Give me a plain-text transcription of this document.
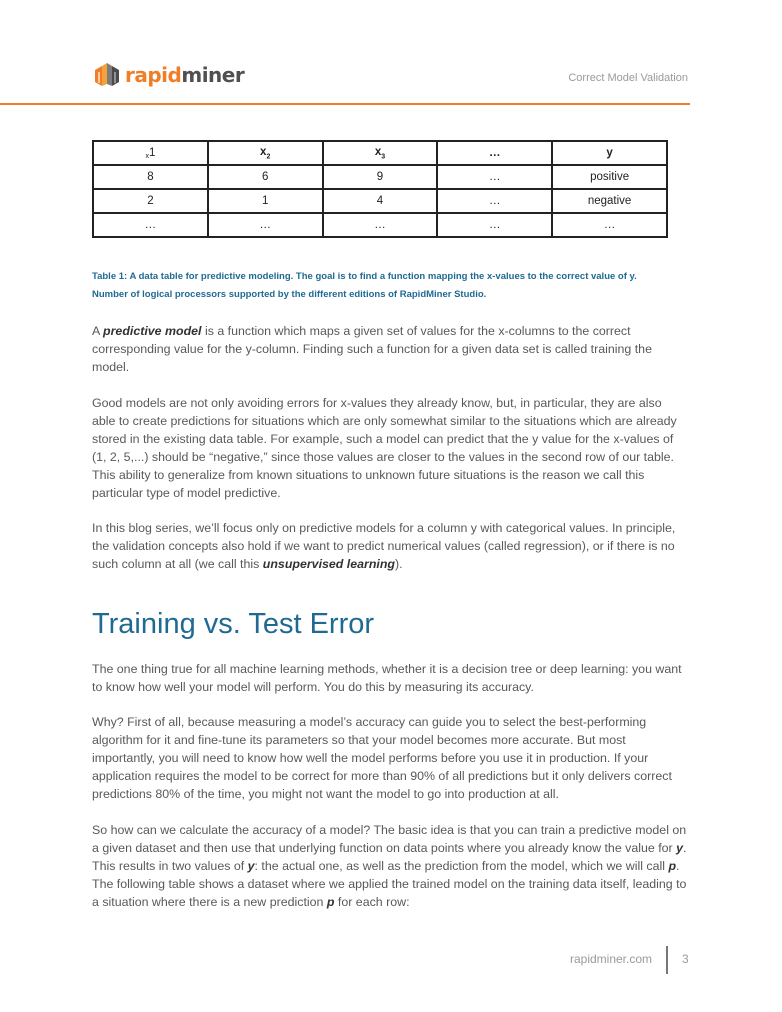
rapidminer	Correct Model Validation
x1	$x_2$	$x_3$	…	y
8	6	9	…	positive
2	1	4	…	negative
…	…	…	…	…
Table 1: A data table for predictive modeling. The goal is to find a function mapping the x-values to the correct value of y.
Number of logical processors supported by the different editions of RapidMiner Studio.

A predictive model is a function which maps a given set of values for the x-columns to the correct corresponding value for the y-column. Finding such a function for a given data set is called training the model.

Good models are not only avoiding errors for x-values they already know, but, in particular, they are also able to create predictions for situations which are only somewhat similar to the situations which are already stored in the existing data table. For example, such a model can predict that the y value for the x-values of (1, 2, 5,...) should be “negative,” since those values are closer to the values in the second row of our table. This ability to generalize from known situations to unknown future situations is the reason we call this particular type of model predictive.

In this blog series, we’ll focus only on predictive models for a column y with categorical values. In principle, the validation concepts also hold if we want to predict numerical values (called regression), or if there is no such column at all (we call this unsupervised learning).

Training vs. Test Error

The one thing true for all machine learning methods, whether it is a decision tree or deep learning: you want to know how well your model will perform. You do this by measuring its accuracy.

Why? First of all, because measuring a model’s accuracy can guide you to select the best-performing algorithm for it and fine-tune its parameters so that your model becomes more accurate. But most importantly, you will need to know how well the model performs before you use it in production. If your application requires the model to be correct for more than 90% of all predictions but it only delivers correct predictions 80% of the time, you might not want the model to go into production at all.

So how can we calculate the accuracy of a model? The basic idea is that you can train a predictive model on a given dataset and then use that underlying function on data points where you already know the value for y. This results in two values of y: the actual one, as well as the prediction from the model, which we will call p. The following table shows a dataset where we applied the trained model on the training data itself, leading to a situation where there is a new prediction p for each row:

rapidminer.com	3
